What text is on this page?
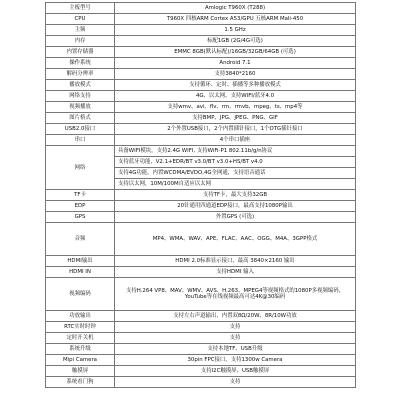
主板型号	Amlogic T960X (T288)
CPU	T960X 四核ARM Cortex A53/GPU 五核ARM Mali-450
主频	1.5 GHz
内存	标配1GB (2G/4G可选)
内置存储器	EMMC 8GB(默认标配)/16GB/32GB/64GB (可选)
操作系统	Android 7.1
解码分辨率	支持3840*2160
播放模式	支持循环、定时、插播等多种播放模式
网络支持	4G、以太网、支持WIFI/蓝牙4.0
视频播放	支持wmv、avi、flv、rm、rmvb、mpeg、ts、mp4等
图片格式	支持BMP、JPG、JPEG、PNG、GIF
USB2.0接口	2个外置USB接口，2个内置插针接口，1个OTG插针接口
串口	4个串口插座
网络	具备WIFI模块，支持2.4G WIFI, 支持WiFi-P1 802.11b/g/n协议
	支持蓝牙功能，V2.1+EDR/BT v3.0/BT v3.0+HS/BT v4.0
	支持4G功能，内置WCDMA/EVDO,4G全网通，支持语音通话
	支持以太网，10M/100M自适应以太网
TF卡	支持TF卡，最大支持32GB
EDP	20针通用四通道EDP接口，最高支持1080P输出
GPS	外置GPS (可选)
音频	MP4、WMA、WAV、APE、FLAC、AAC、OGG、M4A、3GPP格式
HDMI输出	HDMI 2.0标准显示接口，最高 3840×2160 输出
HDMI IN	支持HDMI 输入
视频编码	支持H.264 VP8、MAV、WMV、AVS、H.263、MPEG4等视频格式的1080P多视频编码，YouTube等在线视频最高可达4K@30编码
功放输出	支持左右声道输出，内置双8Ω/20W、8R/10W功放
RTC实时时钟	支持
定时开关机	支持
系统升级	支持本地TF、USB升级
Mipi Camera	30pin FPC接口，支持1300w Camera
触摸屏	支持I2C触摸屏、USB触摸屏
系统看门狗	支持
